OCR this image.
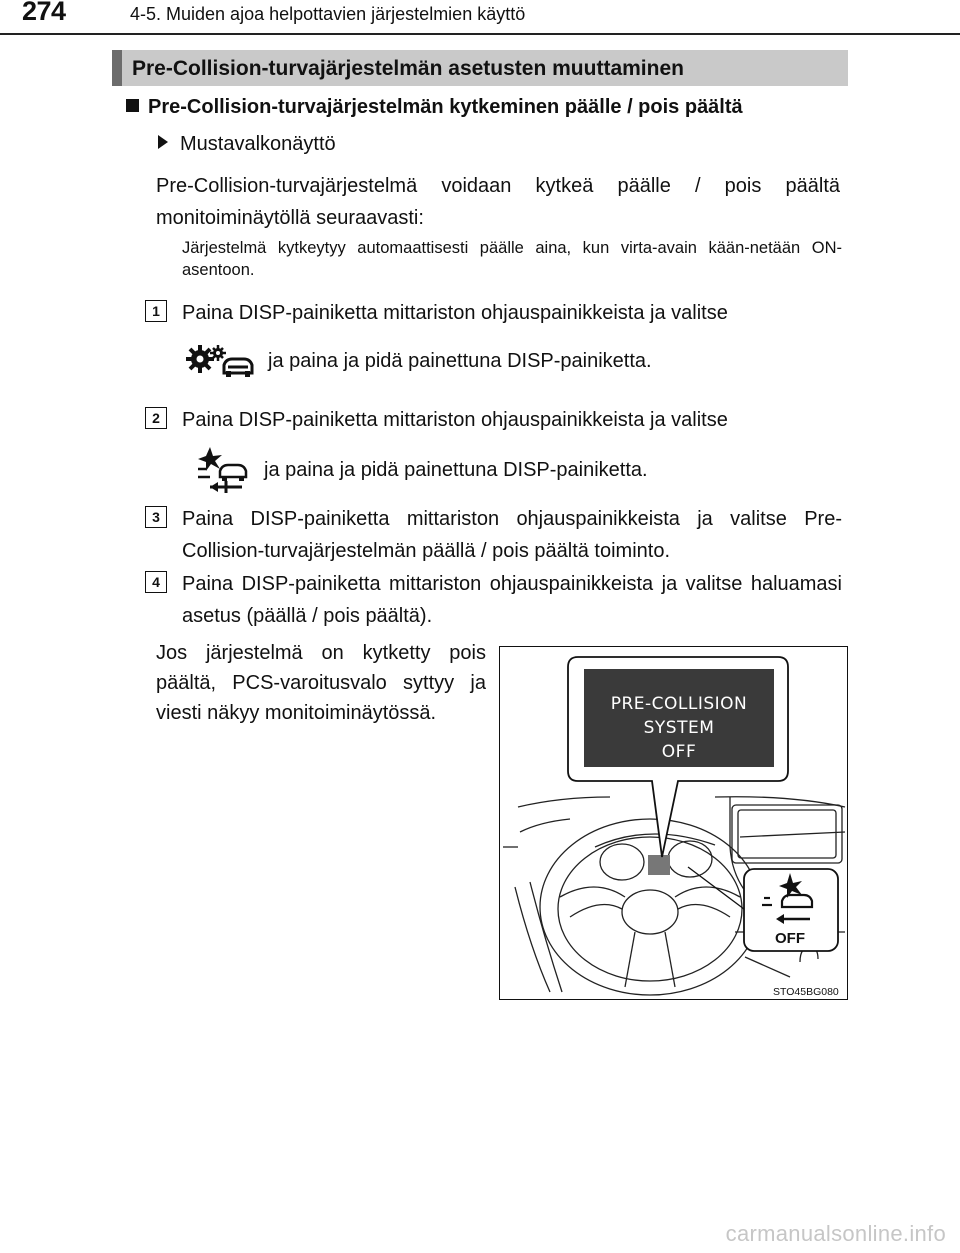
274	4-5. Muiden ajoa helpottavien järjestelmien käyttö
Pre-Collision-turvajärjestelmän asetusten muuttaminen
Pre-Collision-turvajärjestelmän kytkeminen päälle / pois päältä
Mustavalkonäyttö
Pre-Collision-turvajärjestelmä voidaan kytkeä päälle / pois päältä monitoiminäytöllä seuraavasti:
Järjestelmä kytkeytyy automaattisesti päälle aina, kun virta-avain kään-netään ON-asentoon.
1	Paina DISP-painiketta mittariston ohjauspainikkeista ja valitse
ja paina ja pidä painettuna DISP-painiketta.
2	Paina DISP-painiketta mittariston ohjauspainikkeista ja valitse
ja paina ja pidä painettuna DISP-painiketta.
3	Paina DISP-painiketta mittariston ohjauspainikkeista ja valitse Pre-Collision-turvajärjestelmän päällä / pois päältä toiminto.
4	Paina DISP-painiketta mittariston ohjauspainikkeista ja valitse haluamasi asetus (päällä / pois päältä).
Jos järjestelmä on kytketty pois päältä, PCS-varoitusvalo syttyy ja viesti näkyy monitoiminäytössä.	PRE-COLLISION
SYSTEM
OFF
OFF
STO45BG080
carmanualsonline.info
